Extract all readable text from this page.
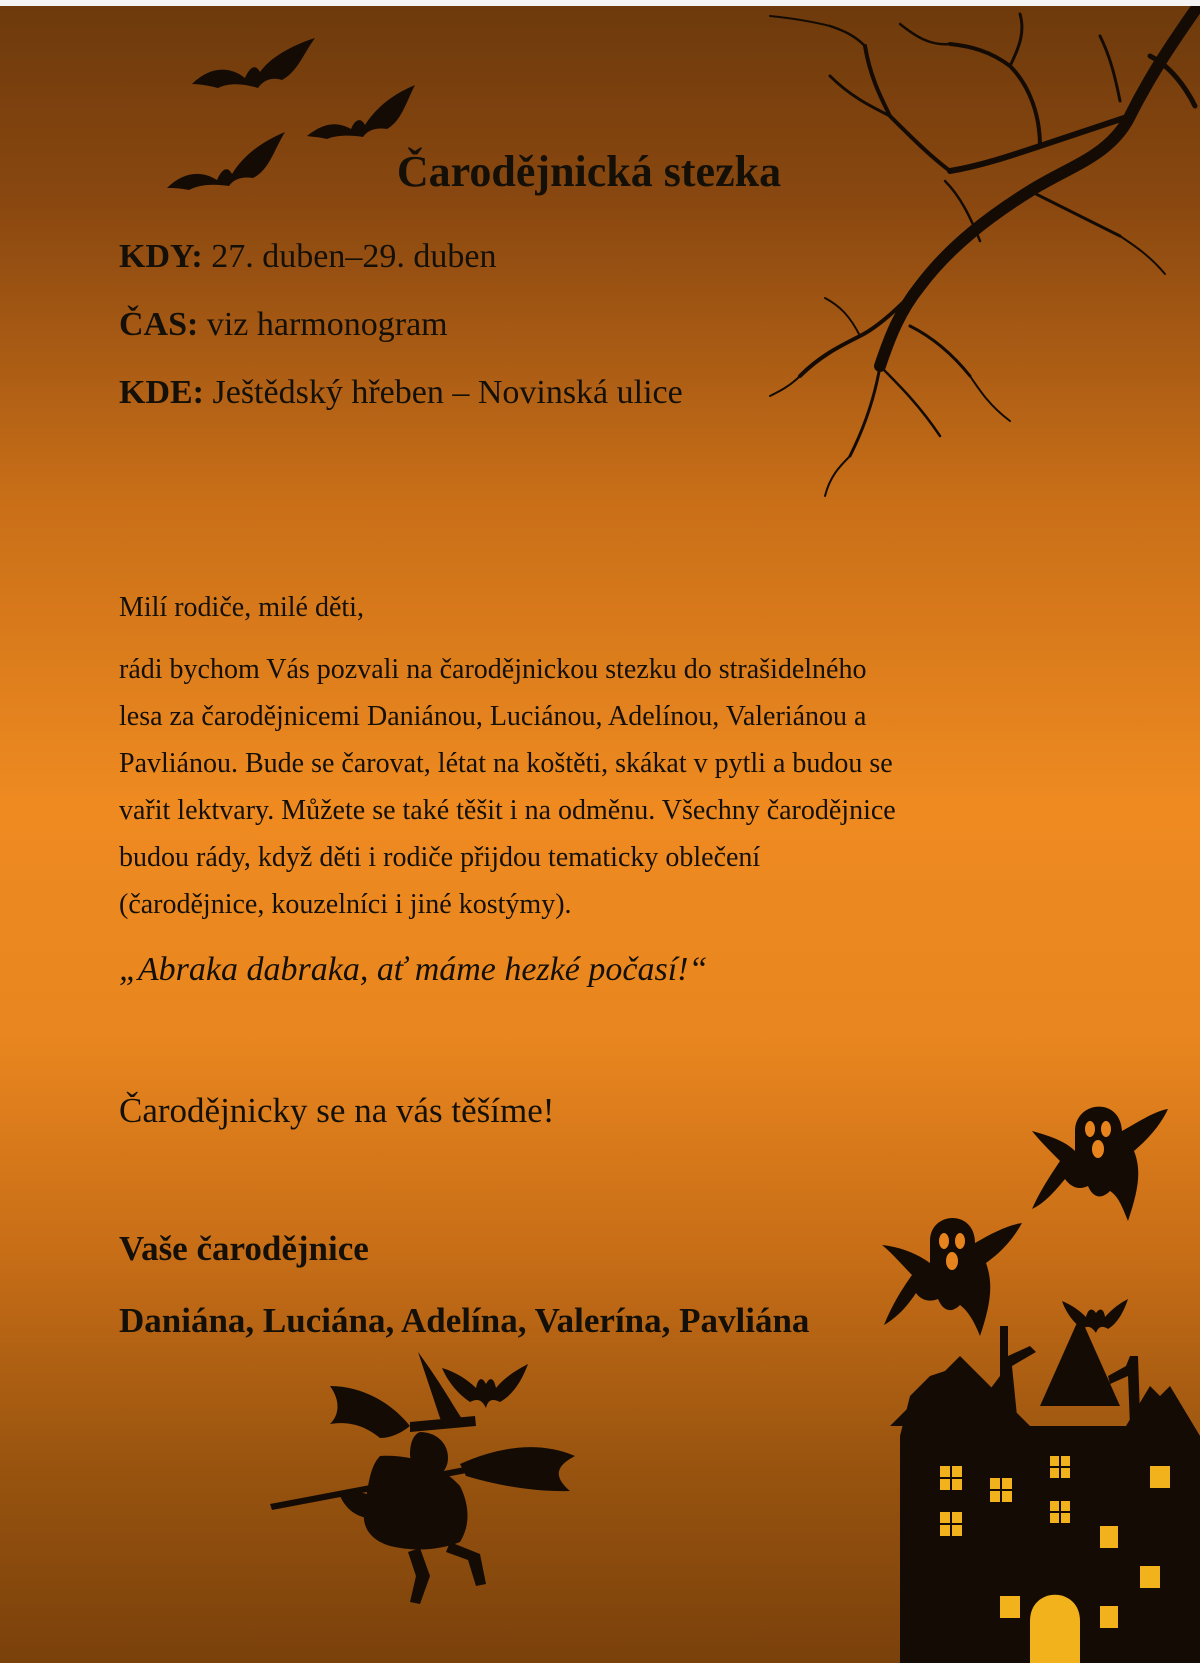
Čarodějnická stezka
KDY: 27. duben–29. duben
ČAS: viz harmonogram
KDE: Ještědský hřeben – Novinská ulice
Milí rodiče, milé děti,
rádi bychom Vás pozvali na čarodějnickou stezku do strašidelného
lesa za čarodějnicemi Daniánou, Luciánou, Adelínou, Valeriánou a
Pavliánou. Bude se čarovat, létat na koštěti, skákat v pytli a budou se
vařit lektvary. Můžete se také těšit i na odměnu. Všechny čarodějnice
budou rády, když děti i rodiče přijdou tematicky oblečení
(čarodějnice, kouzelníci i jiné kostýmy).
„Abraka dabraka, ať máme hezké počasí!“
Čarodějnicky se na vás těšíme!
Vaše čarodějnice
Daniána, Luciána, Adelína, Valerína, Pavliána
